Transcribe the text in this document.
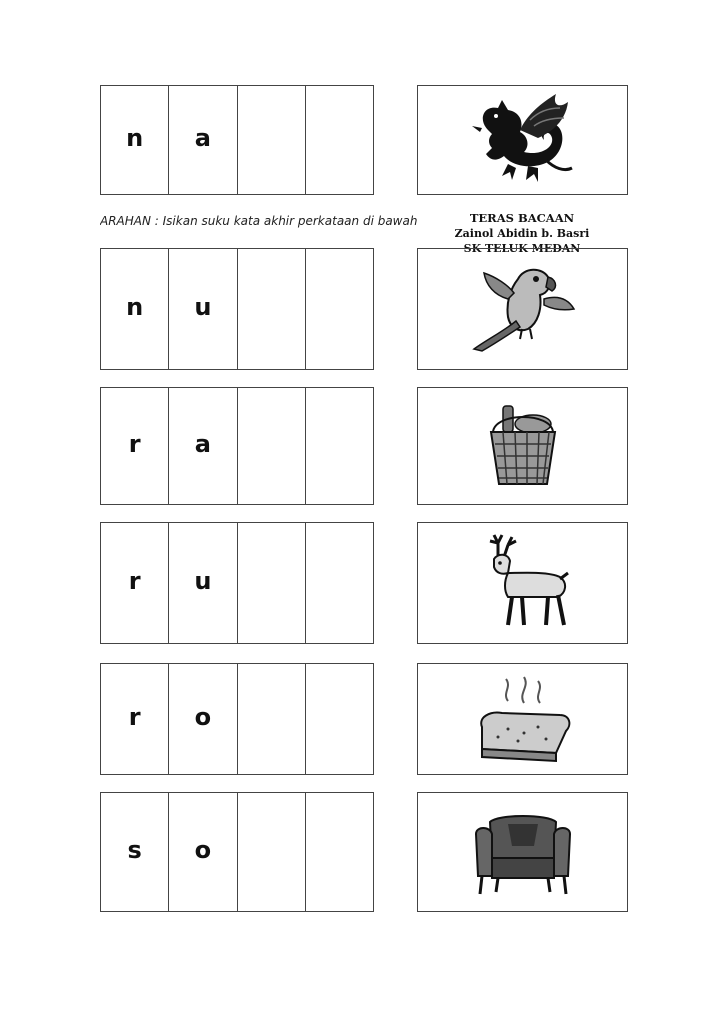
n	a
ARAHAN : Isikan suku kata akhir perkataan di bawah	TERAS BACAAN
Zainol Abidin b. Basri
SK TELUK MEDAN
n	u
r	a
r	u
r	o
s	o
